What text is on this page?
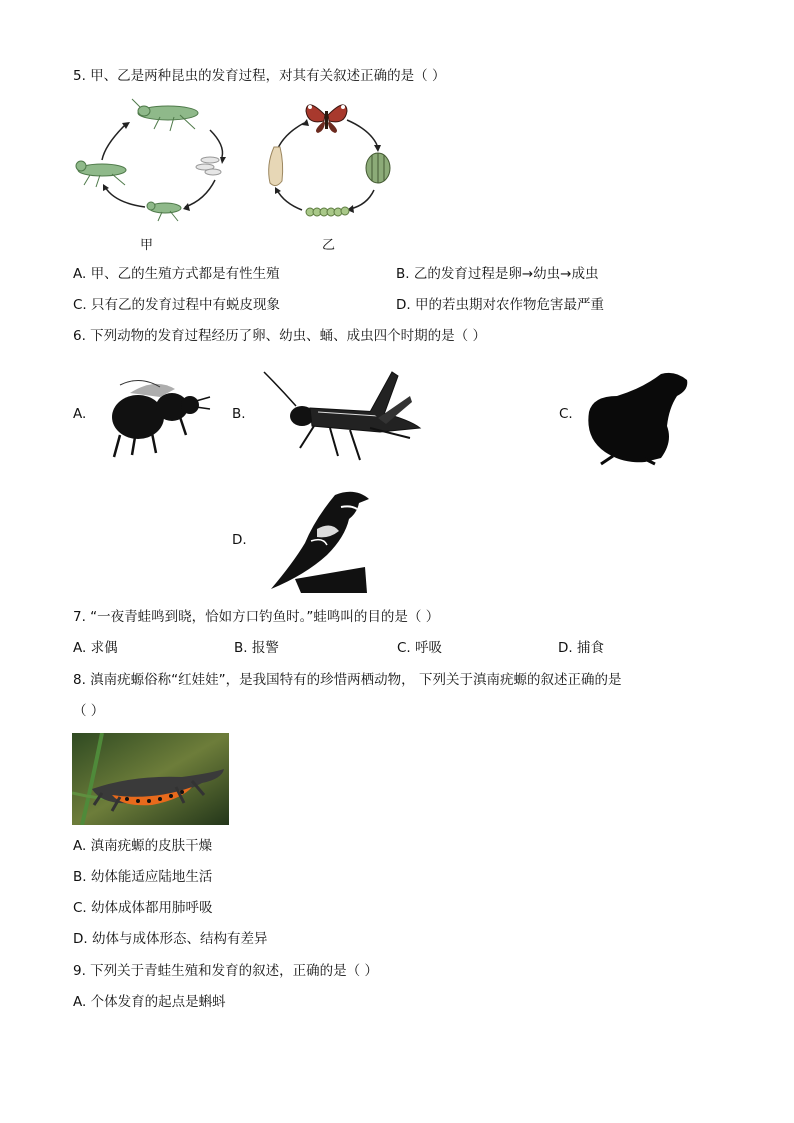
5. 甲、乙是两种昆虫的发育过程，对其有关叙述正确的是（ ）
甲	乙
A. 甲、乙的生殖方式都是有性生殖	B. 乙的发育过程是卵→幼虫→成虫
C. 只有乙的发育过程中有蜕皮现象	D. 甲的若虫期对农作物危害最严重
6. 下列动物的发育过程经历了卵、幼虫、蛹、成虫四个时期的是（ ）
A.	B.	C.
D.
7. “一夜青蛙鸣到晓，恰如方口钓鱼时。”蛙鸣叫的目的是（ ）
A. 求偶	B. 报警	C. 呼吸	D. 捕食
8. 滇南疣螈俗称“红娃娃”，是我国特有的珍惜两栖动物， 下列关于滇南疣螈的叙述正确的是
（ ）
A. 滇南疣螈的皮肤干燥
B. 幼体能适应陆地生活
C. 幼体成体都用肺呼吸
D. 幼体与成体形态、结构有差异
9. 下列关于青蛙生殖和发育的叙述，正确的是（ ）
A. 个体发育的起点是蝌蚪
